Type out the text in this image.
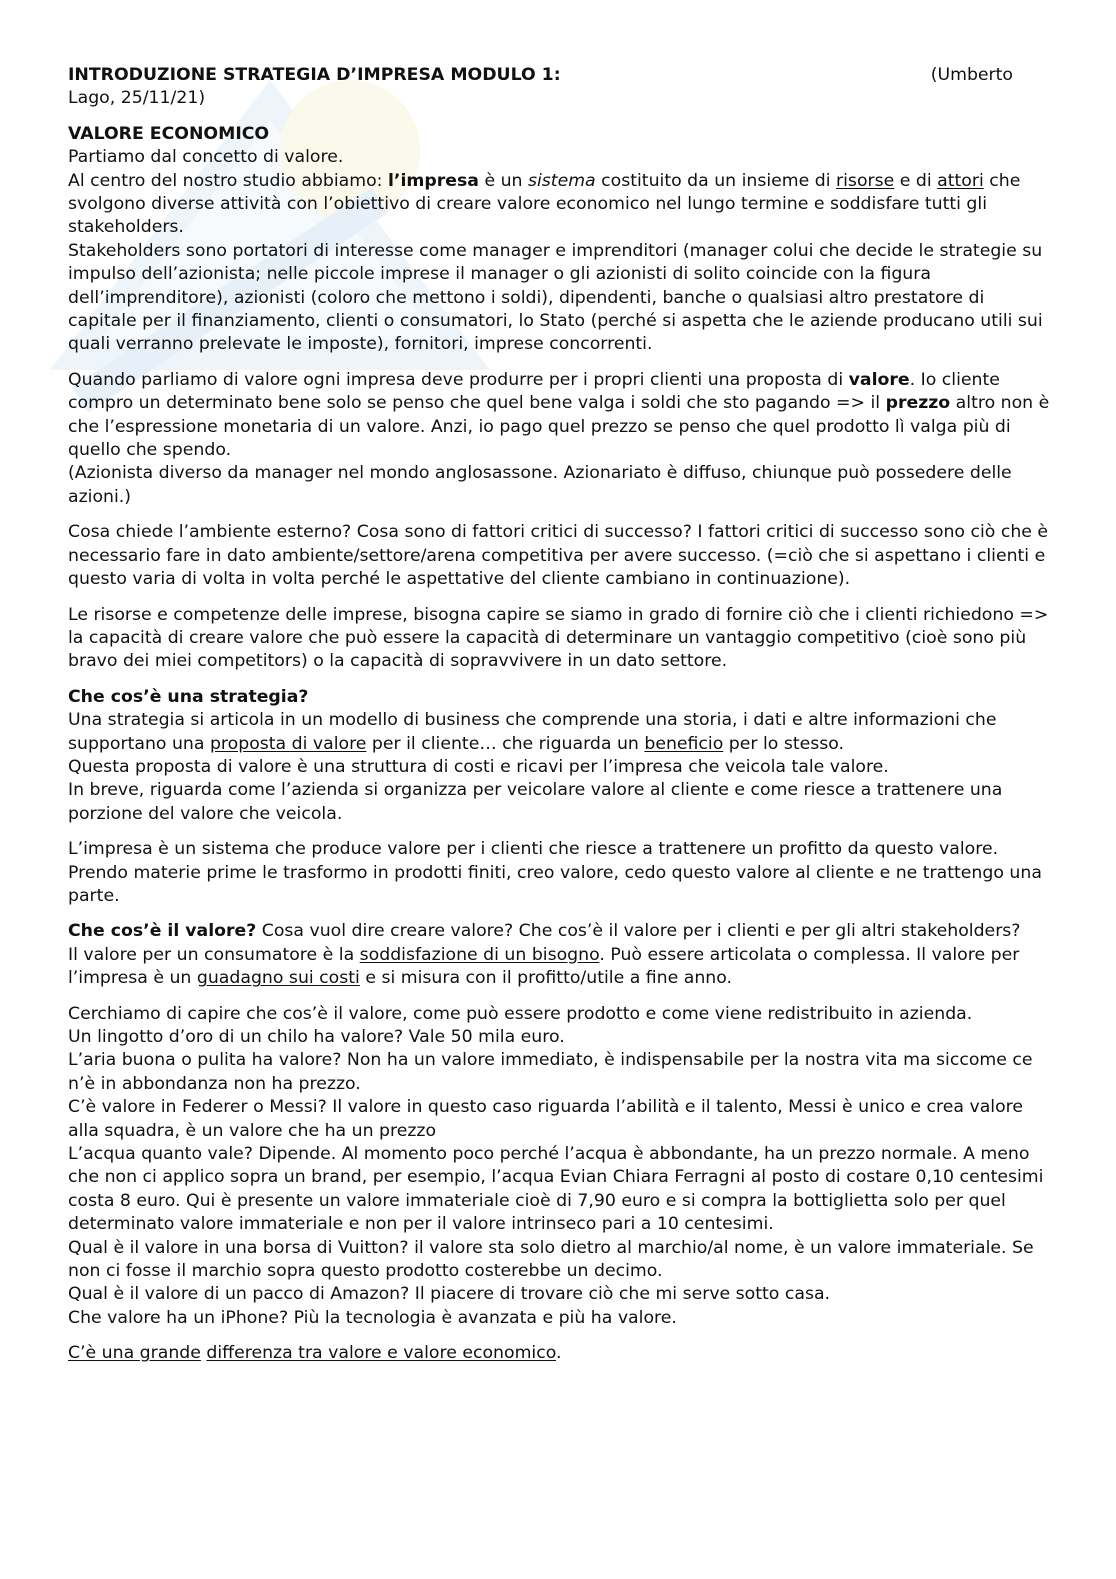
INTRODUZIONE STRATEGIA D’IMPRESA MODULO 1:	(Umberto

Lago, 25/11/21)

VALORE ECONOMICO
Partiamo dal concetto di valore.
Al centro del nostro studio abbiamo: l’impresa è un sistema costituito da un insieme di risorse e di attori che svolgono diverse attività con l’obiettivo di creare valore economico nel lungo termine e soddisfare tutti gli stakeholders.
Stakeholders sono portatori di interesse come manager e imprenditori (manager colui che decide le strategie su impulso dell’azionista; nelle piccole imprese il manager o gli azionisti di solito coincide con la figura dell’imprenditore), azionisti (coloro che mettono i soldi), dipendenti, banche o qualsiasi altro prestatore di capitale per il finanziamento, clienti o consumatori, lo Stato (perché si aspetta che le aziende producano utili sui quali verranno prelevate le imposte), fornitori, imprese concorrenti.

Quando parliamo di valore ogni impresa deve produrre per i propri clienti una proposta di valore. Io cliente compro un determinato bene solo se penso che quel bene valga i soldi che sto pagando => il prezzo altro non è che l’espressione monetaria di un valore. Anzi, io pago quel prezzo se penso che quel prodotto lì valga più di quello che spendo.
(Azionista diverso da manager nel mondo anglosassone. Azionariato è diffuso, chiunque può possedere delle azioni.)

Cosa chiede l’ambiente esterno? Cosa sono di fattori critici di successo? I fattori critici di successo sono ciò che è necessario fare in dato ambiente/settore/arena competitiva per avere successo. (=ciò che si aspettano i clienti e questo varia di volta in volta perché le aspettative del cliente cambiano in continuazione).

Le risorse e competenze delle imprese, bisogna capire se siamo in grado di fornire ciò che i clienti richiedono => la capacità di creare valore che può essere la capacità di determinare un vantaggio competitivo (cioè sono più bravo dei miei competitors) o la capacità di sopravvivere in un dato settore.

Che cos’è una strategia?
Una strategia si articola in un modello di business che comprende una storia, i dati e altre informazioni che supportano una proposta di valore per il cliente… che riguarda un beneficio per lo stesso.
Questa proposta di valore è una struttura di costi e ricavi per l’impresa che veicola tale valore.
In breve, riguarda come l’azienda si organizza per veicolare valore al cliente e come riesce a trattenere una porzione del valore che veicola.

L’impresa è un sistema che produce valore per i clienti che riesce a trattenere un profitto da questo valore. Prendo materie prime le trasformo in prodotti finiti, creo valore, cedo questo valore al cliente e ne trattengo una parte.

Che cos’è il valore? Cosa vuol dire creare valore? Che cos’è il valore per i clienti e per gli altri stakeholders?
Il valore per un consumatore è la soddisfazione di un bisogno. Può essere articolata o complessa. Il valore per l’impresa è un guadagno sui costi e si misura con il profitto/utile a fine anno.

Cerchiamo di capire che cos’è il valore, come può essere prodotto e come viene redistribuito in azienda.
Un lingotto d’oro di un chilo ha valore? Vale 50 mila euro.
L’aria buona o pulita ha valore? Non ha un valore immediato, è indispensabile per la nostra vita ma siccome ce n’è in abbondanza non ha prezzo.
C’è valore in Federer o Messi? Il valore in questo caso riguarda l’abilità e il talento, Messi è unico e crea valore alla squadra, è un valore che ha un prezzo
L’acqua quanto vale? Dipende. Al momento poco perché l’acqua è abbondante, ha un prezzo normale. A meno che non ci applico sopra un brand, per esempio, l’acqua Evian Chiara Ferragni al posto di costare 0,10 centesimi costa 8 euro. Qui è presente un valore immateriale cioè di 7,90 euro e si compra la bottiglietta solo per quel determinato valore immateriale e non per il valore intrinseco pari a 10 centesimi.
Qual è il valore in una borsa di Vuitton? il valore sta solo dietro al marchio/al nome, è un valore immateriale. Se non ci fosse il marchio sopra questo prodotto costerebbe un decimo.
Qual è il valore di un pacco di Amazon? Il piacere di trovare ciò che mi serve sotto casa.
Che valore ha un iPhone? Più la tecnologia è avanzata e più ha valore.

C’è una grande differenza tra valore e valore economico.
